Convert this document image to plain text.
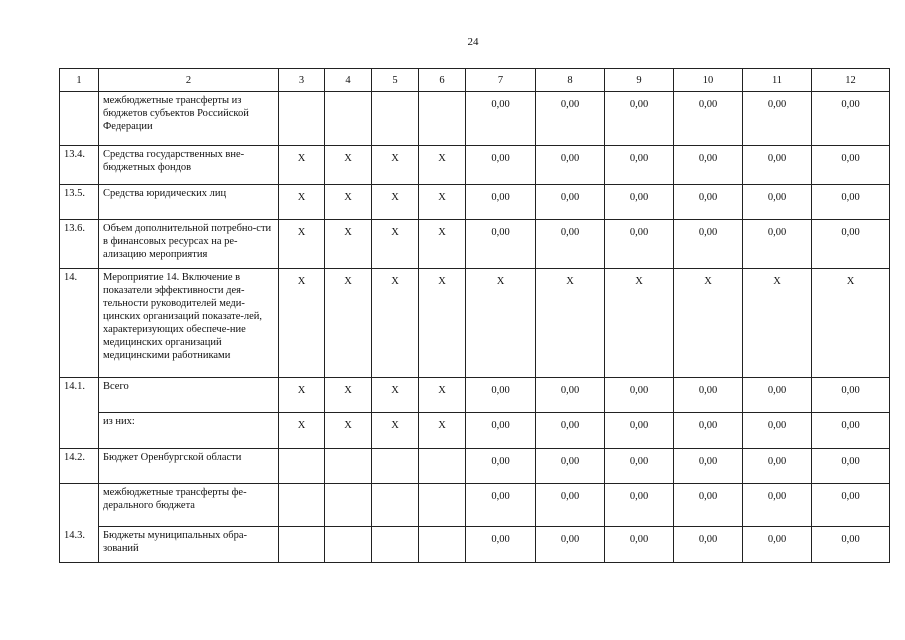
24
1	2	3	4	5	6	7	8	9	10	11	12
	межбюджетные трансферты из бюджетов субъектов Российской Федерации					0,00	0,00	0,00	0,00	0,00	0,00
13.4.	Средства государственных вне-бюджетных фондов	X	X	X	X	0,00	0,00	0,00	0,00	0,00	0,00
13.5.	Средства юридических лиц	X	X	X	X	0,00	0,00	0,00	0,00	0,00	0,00
13.6.	Объем дополнительной потребно-сти в финансовых ресурсах на ре-ализацию мероприятия	X	X	X	X	0,00	0,00	0,00	0,00	0,00	0,00
14.	Мероприятие 14. Включение в показатели эффективности дея-тельности руководителей меди-цинских организаций показате-лей, характеризующих обеспече-ние медицинских организаций медицинскими работниками	X	X	X	X	X	X	X	X	X	X
14.1.	Всего	X	X	X	X	0,00	0,00	0,00	0,00	0,00	0,00
	из них:	X	X	X	X	0,00	0,00	0,00	0,00	0,00	0,00
14.2.	Бюджет Оренбургской области					0,00	0,00	0,00	0,00	0,00	0,00
	межбюджетные трансферты фе-дерального бюджета					0,00	0,00	0,00	0,00	0,00	0,00
14.3.	Бюджеты муниципальных обра-зований					0,00	0,00	0,00	0,00	0,00	0,00
